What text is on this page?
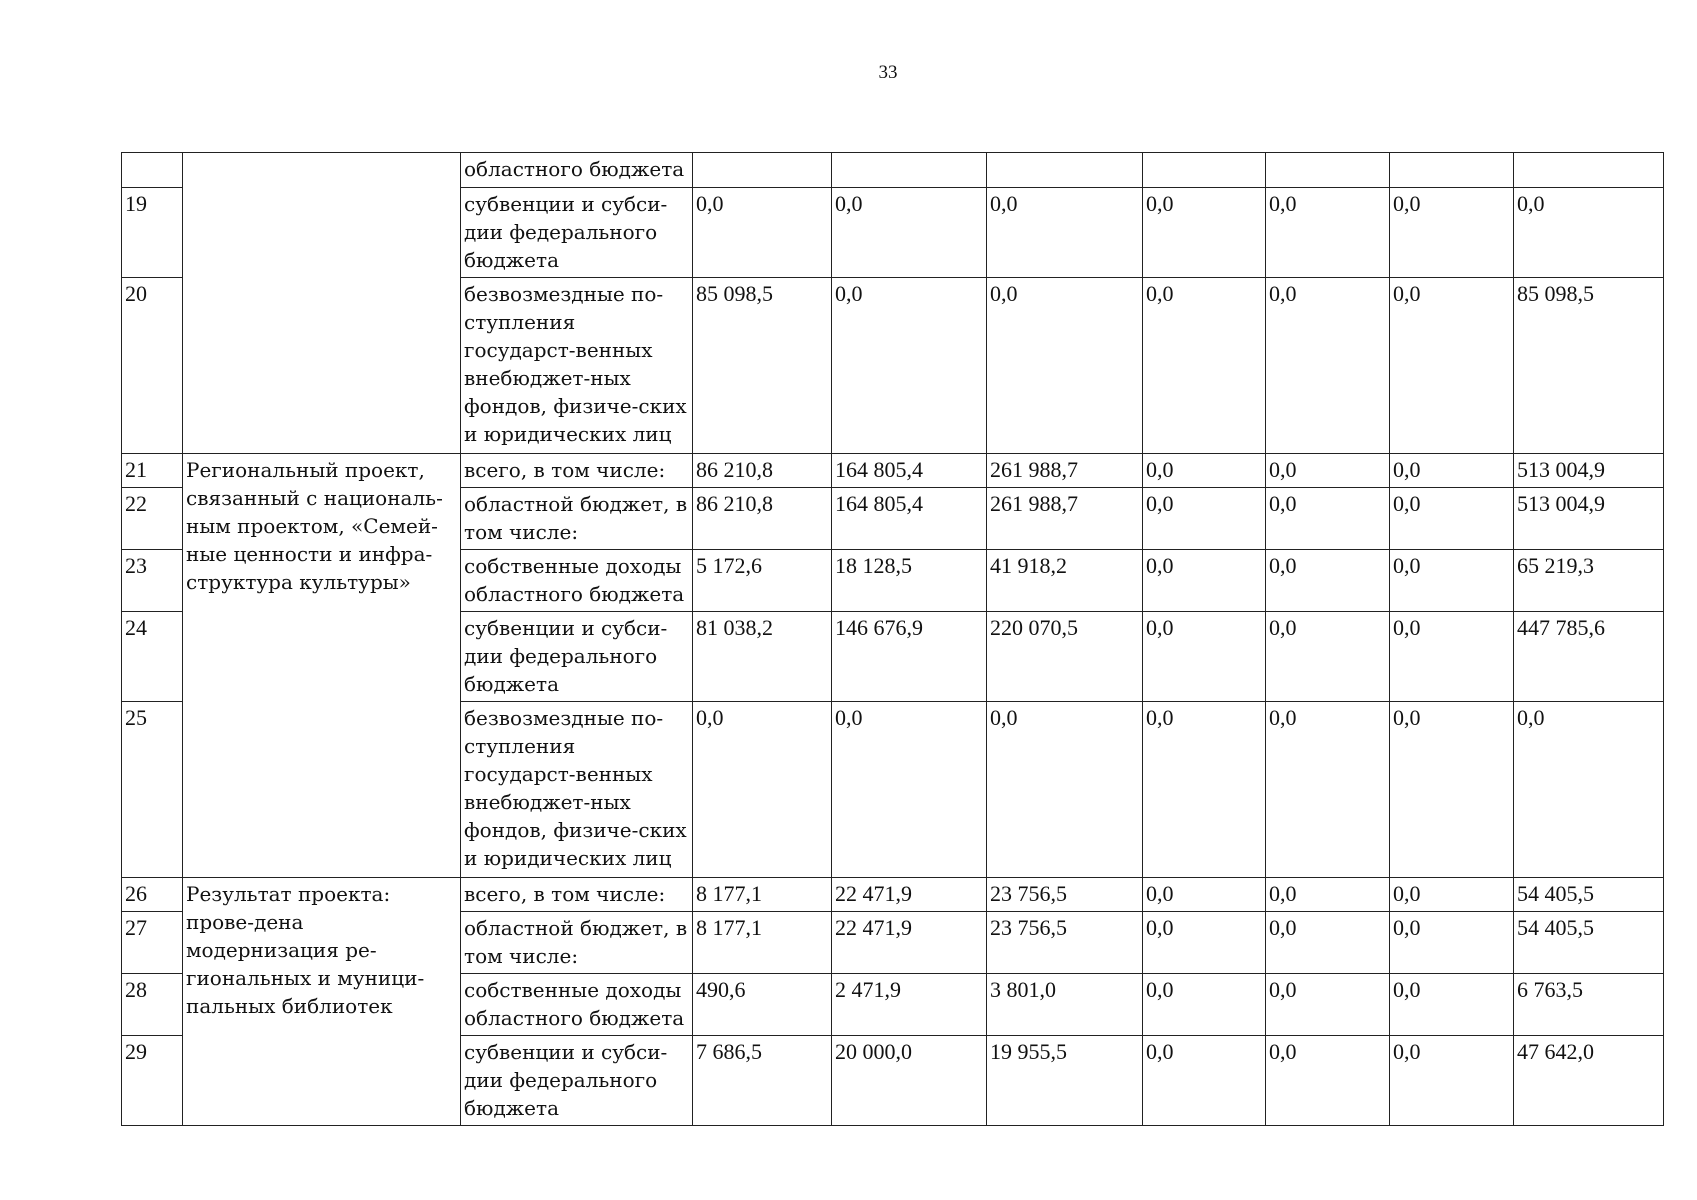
33
		областного бюджета							
19		субвенции и субси-дии федерального бюджета	0,0	0,0	0,0	0,0	0,0	0,0	0,0
20		безвозмездные по-ступления государст-венных внебюджет-ных фондов, физиче-ских и юридических лиц	85 098,5	0,0	0,0	0,0	0,0	0,0	85 098,5
21	Региональный проект, связанный с националь-ным проектом, «Семей-ные ценности и инфра-структура культуры»	всего, в том числе:	86 210,8	164 805,4	261 988,7	0,0	0,0	0,0	513 004,9
22		областной бюджет, в том числе:	86 210,8	164 805,4	261 988,7	0,0	0,0	0,0	513 004,9
23		собственные доходы областного бюджета	5 172,6	18 128,5	41 918,2	0,0	0,0	0,0	65 219,3
24		субвенции и субси-дии федерального бюджета	81 038,2	146 676,9	220 070,5	0,0	0,0	0,0	447 785,6
25		безвозмездные по-ступления государст-венных внебюджет-ных фондов, физиче-ских и юридических лиц	0,0	0,0	0,0	0,0	0,0	0,0	0,0
26	Результат проекта: прове-дена модернизация ре-гиональных и муници-пальных библиотек	всего, в том числе:	8 177,1	22 471,9	23 756,5	0,0	0,0	0,0	54 405,5
27		областной бюджет, в том числе:	8 177,1	22 471,9	23 756,5	0,0	0,0	0,0	54 405,5
28		собственные доходы областного бюджета	490,6	2 471,9	3 801,0	0,0	0,0	0,0	6 763,5
29		субвенции и субси-дии федерального бюджета	7 686,5	20 000,0	19 955,5	0,0	0,0	0,0	47 642,0
